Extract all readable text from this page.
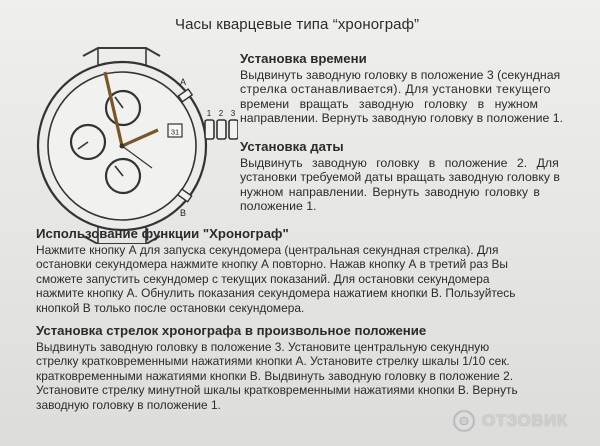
Часы кварцевые типа “хронограф”
31
A
B
1 2 3
Установка времени
Выдвинуть заводную головку в положение 3 (секундная
стрелка останавливается). Для установки текущего
времени вращать заводную головку в нужном
направлении. Вернуть заводную головку в положение 1.
Установка даты
Выдвинуть заводную головку в положение 2. Для
установки требуемой даты вращать заводную головку в
нужном направлении. Вернуть заводную головку в
положение 1.
Использование функции "Хронограф"
Нажмите кнопку А для запуска секундомера (центральная секундная стрелка). Для
остановки секундомера нажмите кнопку А повторно. Нажав кнопку А в третий раз Вы
сможете запустить секундомер с текущих показаний. Для остановки секундомера
нажмите кнопку А. Обнулить показания секундомера нажатием кнопки В. Пользуйтесь
кнопкой В только после остановки секундомера.
Установка стрелок хронографа в произвольное положение
Выдвинуть заводную головку в положение 3. Установите центральную секундную
стрелку кратковременными нажатиями кнопки А. Установите стрелку шкалы 1/10 сек.
кратковременными нажатиями кнопки В. Выдвинуть заводную головку в положение 2.
Установите стрелку минутной шкалы кратковременными нажатиями кнопки В. Вернуть
заводную головку в положение 1.
ОТЗОВИК
